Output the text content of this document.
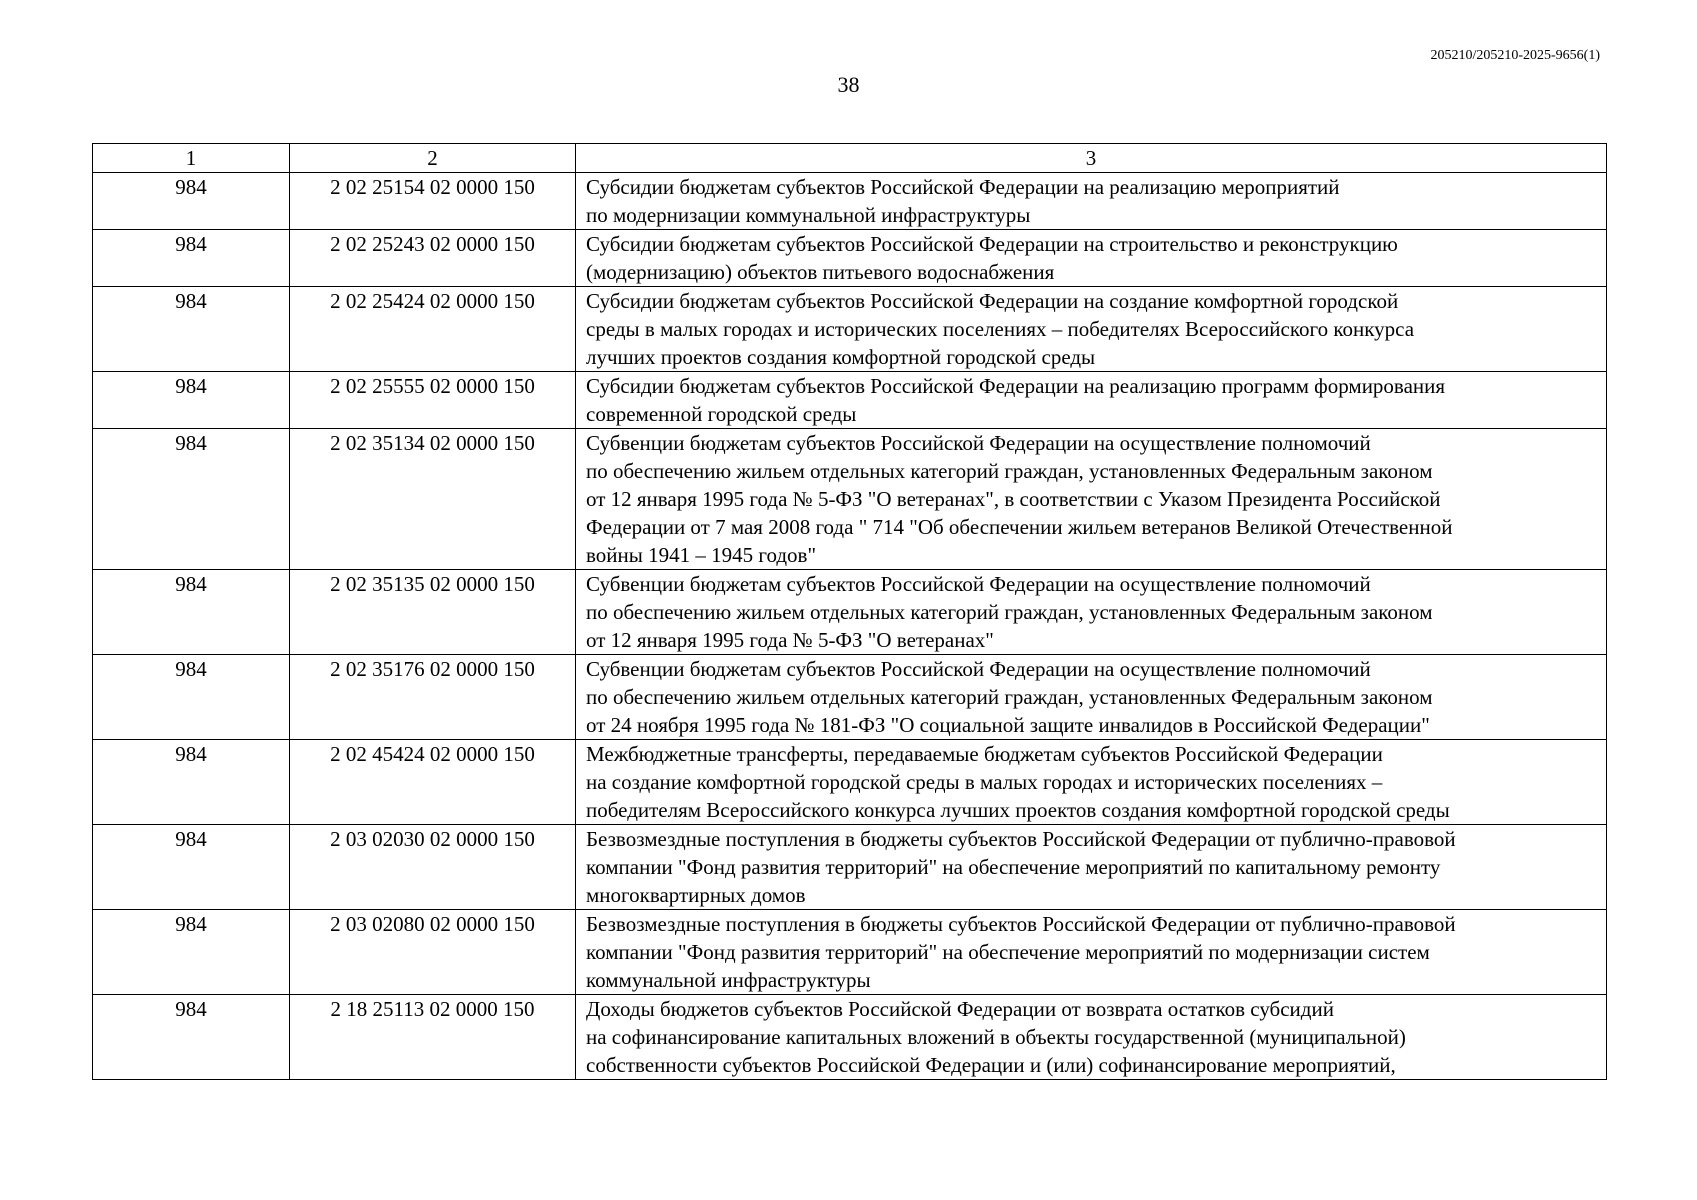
205210/205210-2025-9656(1)
38
1	2	3
984	2 02 25154 02 0000 150	Субсидии бюджетам субъектов Российской Федерации на реализацию мероприятий
по модернизации коммунальной инфраструктуры

984	2 02 25243 02 0000 150	Субсидии бюджетам субъектов Российской Федерации на строительство и реконструкцию
(модернизацию) объектов питьевого водоснабжения

984	2 02 25424 02 0000 150	Субсидии бюджетам субъектов Российской Федерации на создание комфортной городской
среды в малых городах и исторических поселениях – победителях Всероссийского конкурса
лучших проектов создания комфортной городской среды

984	2 02 25555 02 0000 150	Субсидии бюджетам субъектов Российской Федерации на реализацию программ формирования
современной городской среды

984	2 02 35134 02 0000 150	Субвенции бюджетам субъектов Российской Федерации на осуществление полномочий
по обеспечению жильем отдельных категорий граждан, установленных Федеральным законом
от 12 января 1995 года № 5-ФЗ "О ветеранах", в соответствии с Указом Президента Российской
Федерации от 7 мая 2008 года " 714 "Об обеспечении жильем ветеранов Великой Отечественной
войны 1941 – 1945 годов"

984	2 02 35135 02 0000 150	Субвенции бюджетам субъектов Российской Федерации на осуществление полномочий
по обеспечению жильем отдельных категорий граждан, установленных Федеральным законом
от 12 января 1995 года № 5-ФЗ "О ветеранах"

984	2 02 35176 02 0000 150	Субвенции бюджетам субъектов Российской Федерации на осуществление полномочий
по обеспечению жильем отдельных категорий граждан, установленных Федеральным законом
от 24 ноября 1995 года № 181-ФЗ "О социальной защите инвалидов в Российской Федерации"

984	2 02 45424 02 0000 150	Межбюджетные трансферты, передаваемые бюджетам субъектов Российской Федерации
на создание комфортной городской среды в малых городах и исторических поселениях –
победителям Всероссийского конкурса лучших проектов создания комфортной городской среды

984	2 03 02030 02 0000 150	Безвозмездные поступления в бюджеты субъектов Российской Федерации от публично-правовой
компании "Фонд развития территорий" на обеспечение мероприятий по капитальному ремонту
многоквартирных домов

984	2 03 02080 02 0000 150	Безвозмездные поступления в бюджеты субъектов Российской Федерации от публично-правовой
компании "Фонд развития территорий" на обеспечение мероприятий по модернизации систем
коммунальной инфраструктуры

984	2 18 25113 02 0000 150	Доходы бюджетов субъектов Российской Федерации от возврата остатков субсидий
на софинансирование капитальных вложений в объекты государственной (муниципальной)
собственности субъектов Российской Федерации и (или) софинансирование мероприятий,
